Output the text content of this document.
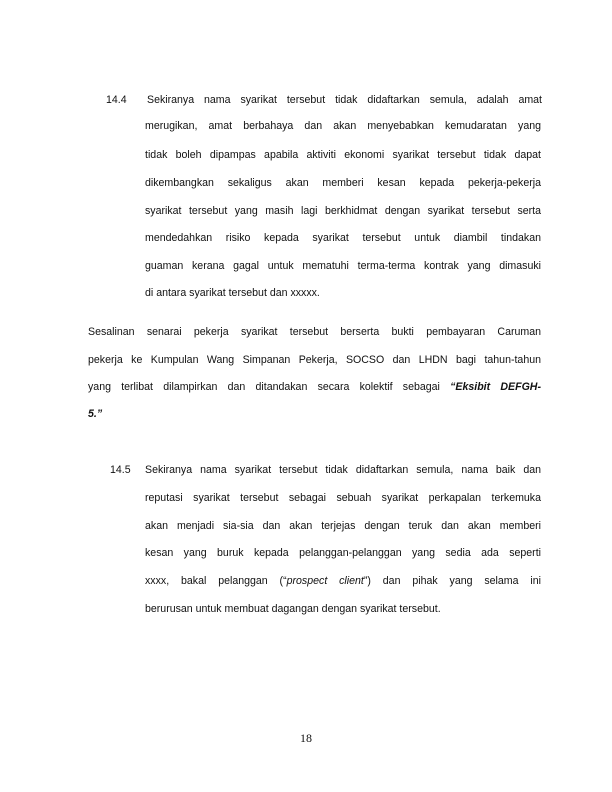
14.4 Sekiranya nama syarikat tersebut tidak didaftarkan semula, adalah amat
merugikan, amat berbahaya dan akan menyebabkan kemudaratan yang
tidak boleh dipampas apabila aktiviti ekonomi syarikat tersebut tidak dapat
dikembangkan sekaligus akan memberi kesan kepada pekerja-pekerja
syarikat tersebut yang masih lagi berkhidmat dengan syarikat tersebut serta
mendedahkan risiko kepada syarikat tersebut untuk diambil tindakan
guaman kerana gagal untuk mematuhi terma-terma kontrak yang dimasuki
di antara syarikat tersebut dan xxxxx.
Sesalinan senarai pekerja syarikat tersebut berserta bukti pembayaran Caruman
pekerja ke Kumpulan Wang Simpanan Pekerja, SOCSO dan LHDN bagi tahun-tahun
yang terlibat dilampirkan dan ditandakan secara kolektif sebagai “Eksibit DEFGH-
5.”
14.5 Sekiranya nama syarikat tersebut tidak didaftarkan semula, nama baik dan
reputasi syarikat tersebut sebagai sebuah syarikat perkapalan terkemuka
akan menjadi sia-sia dan akan terjejas dengan teruk dan akan memberi
kesan yang buruk kepada pelanggan-pelanggan yang sedia ada seperti
xxxx, bakal pelanggan (“prospect client”) dan pihak yang selama ini
berurusan untuk membuat dagangan dengan syarikat tersebut.
18
